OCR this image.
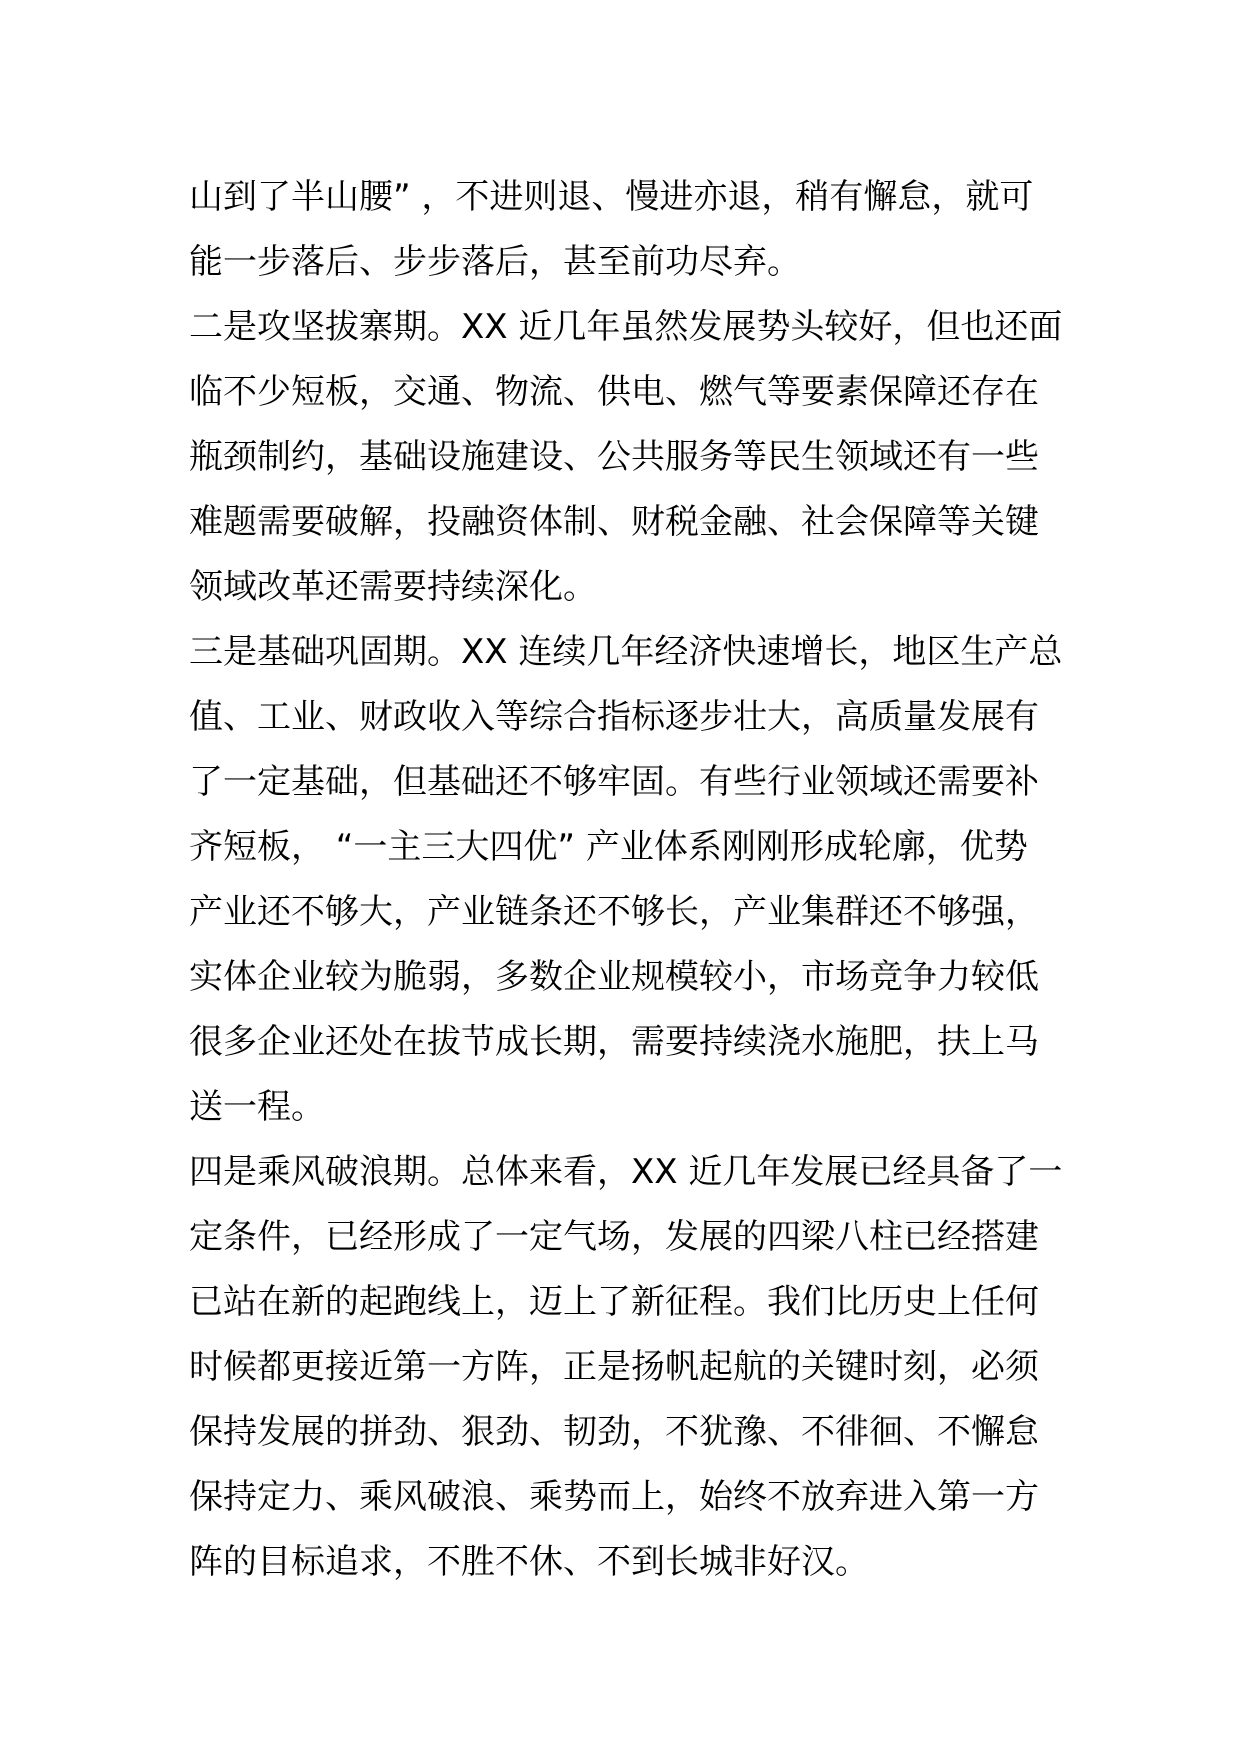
山到了半山腰” ，不进则退、慢进亦退，稍有懈怠，就可
能一步落后、步步落后，甚至前功尽弃。
二是攻坚拔寨期。XX 近几年虽然发展势头较好，但也还面
临不少短板，交通、物流、供电、燃气等要素保障还存在
瓶颈制约，基础设施建设、公共服务等民生领域还有一些
难题需要破解，投融资体制、财税金融、社会保障等关键
领域改革还需要持续深化。
三是基础巩固期。XX 连续几年经济快速增长，地区生产总
值、工业、财政收入等综合指标逐步壮大，高质量发展有
了一定基础，但基础还不够牢固。有些行业领域还需要补
齐短板， “一主三大四优” 产业体系刚刚形成轮廓，优势
产业还不够大，产业链条还不够长，产业集群还不够强，
实体企业较为脆弱，多数企业规模较小，市场竞争力较低
很多企业还处在拔节成长期，需要持续浇水施肥，扶上马
送一程。
四是乘风破浪期。总体来看，XX 近几年发展已经具备了一
定条件，已经形成了一定气场，发展的四梁八柱已经搭建
已站在新的起跑线上，迈上了新征程。我们比历史上任何
时候都更接近第一方阵，正是扬帆起航的关键时刻，必须
保持发展的拼劲、狠劲、韧劲，不犹豫、不徘徊、不懈怠
保持定力、乘风破浪、乘势而上，始终不放弃进入第一方
阵的目标追求，不胜不休、不到长城非好汉。
